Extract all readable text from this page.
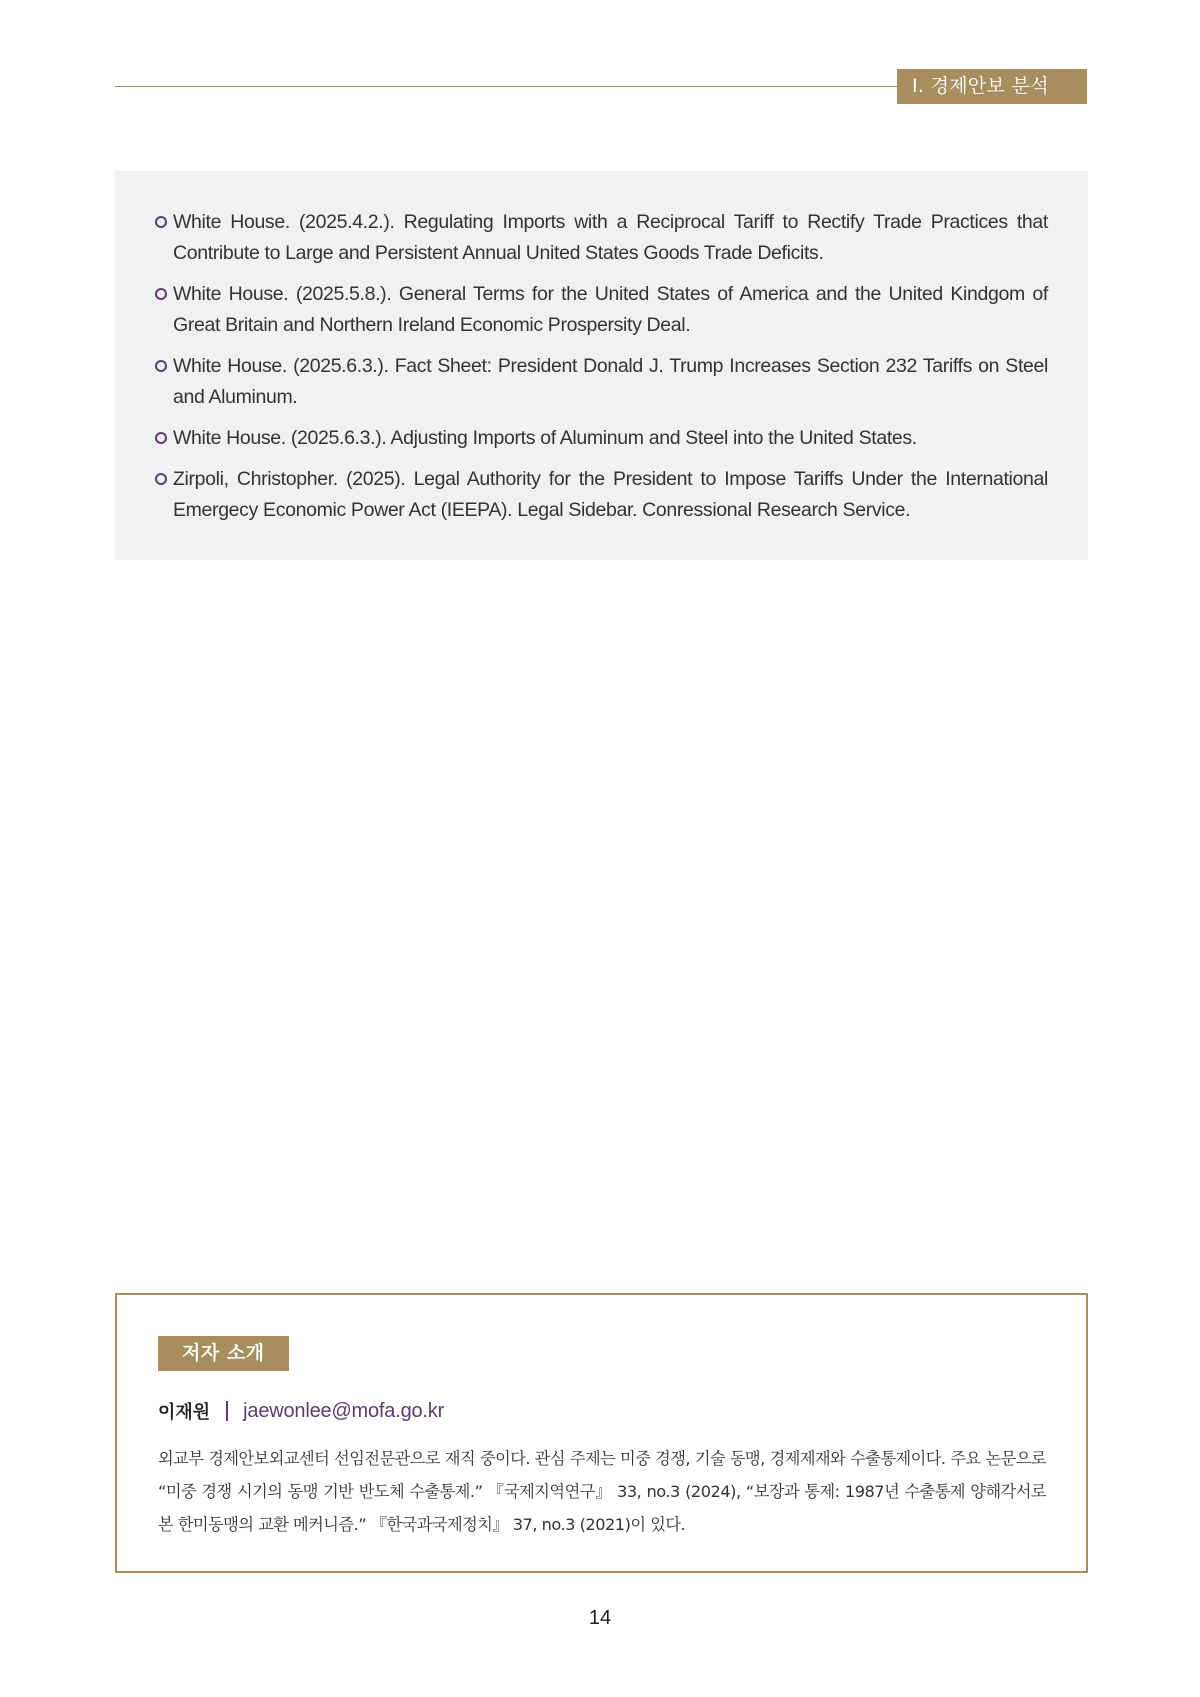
Ⅰ. 경제안보 분석
White House. (2025.4.2.). Regulating Imports with a Reciprocal Tariff to Rectify Trade Practices that Contribute to Large and Persistent Annual United States Goods Trade Deficits.
White House. (2025.5.8.). General Terms for the United States of America and the United Kindgom of Great Britain and Northern Ireland Economic Prospersity Deal.
White House. (2025.6.3.). Fact Sheet: President Donald J. Trump Increases Section 232 Tariffs on Steel and Aluminum.
White House. (2025.6.3.). Adjusting Imports of Aluminum and Steel into the United States.
Zirpoli, Christopher. (2025). Legal Authority for the President to Impose Tariffs Under the International Emergecy Economic Power Act (IEEPA). Legal Sidebar. Conressional Research Service.
저자 소개
이재원 jaewonlee@mofa.go.kr
외교부 경제안보외교센터 선임전문관으로 재직 중이다. 관심 주제는 미중 경쟁, 기술 동맹, 경제제재와 수출통제이다. 주요 논문으로 “미중 경쟁 시기의 동맹 기반 반도체 수출통제.” 『국제지역연구』 33, no.3 (2024), “보장과 통제: 1987년 수출통제 양해각서로 본 한미동맹의 교환 메커니즘.” 『한국과국제정치』 37, no.3 (2021)이 있다.
14
